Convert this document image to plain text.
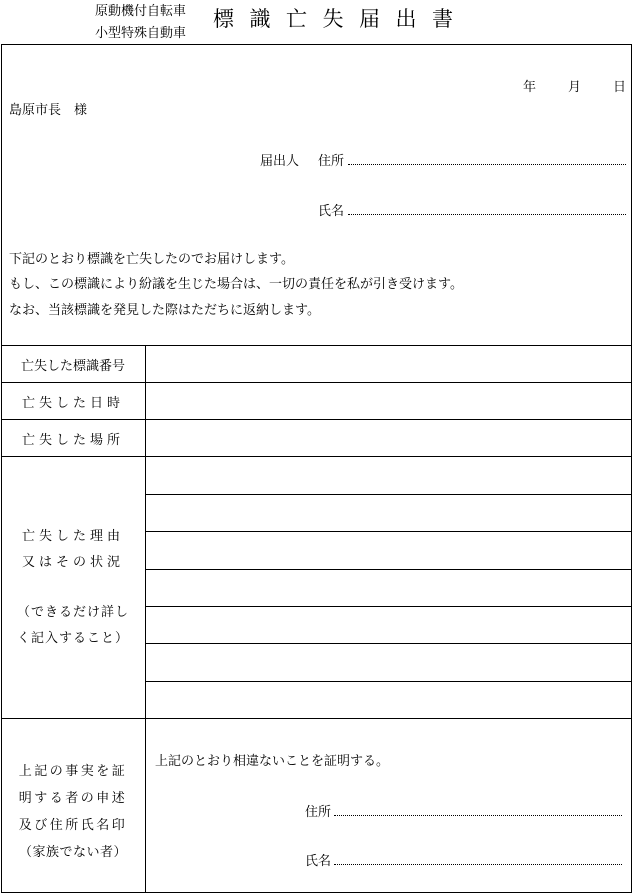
原動機付自転車
小型特殊自動車
標識亡失届出書
年 月 日
島原市長　様
届出人 住所
氏名
下記のとおり標識を亡失したのでお届けします。
もし、この標識により紛議を生じた場合は、一切の責任を私が引き受けます。
なお、当該標識を発見した際はただちに返納します。
亡失した標識番号
亡失した日時
亡失した場所
亡失した理由
又はその状況
（できるだけ詳し
く記入すること）
上記の事実を証
明する者の申述
及び住所氏名印
（家族でない者）
上記のとおり相違ないことを証明する。
住所
氏名
